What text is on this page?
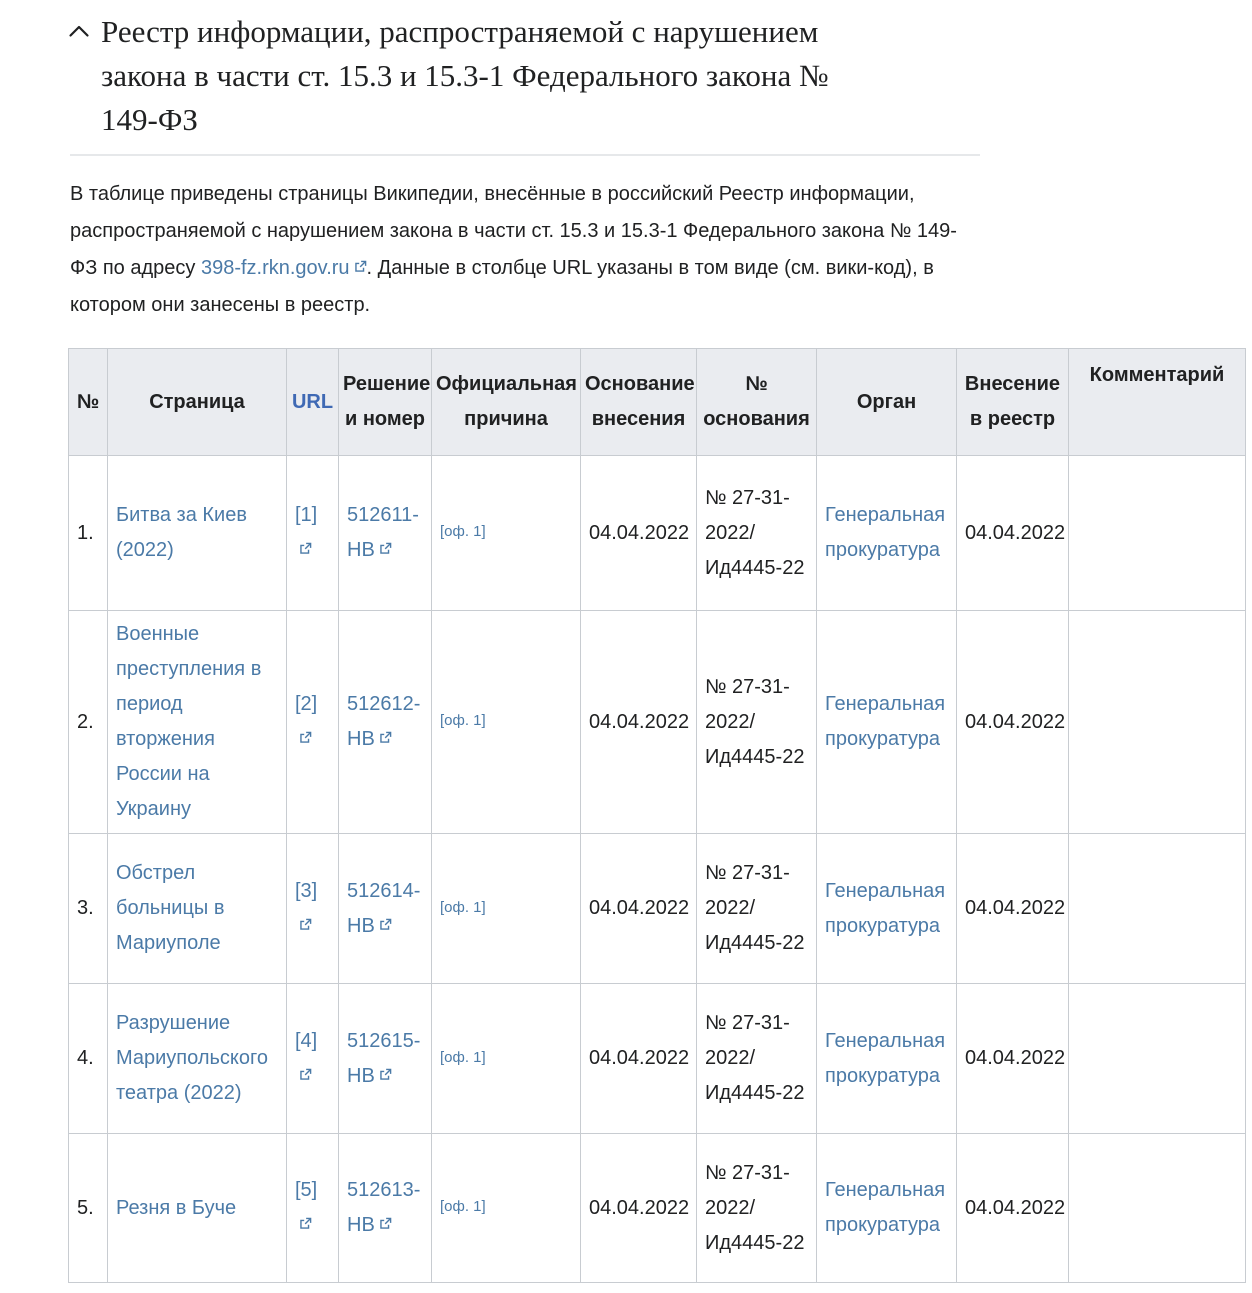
Реестр информации, распространяемой с нарушением закона в части ст. 15.3 и 15.3-1 Федерального закона № 149-ФЗ

В таблице приведены страницы Википедии, внесённые в российский Реестр информации, распространяемой с нарушением закона в части ст. 15.3 и 15.3-1 Федерального закона № 149-ФЗ по адресу 398-fz.rkn.gov.ru . Данные в столбце URL указаны в том виде (см. вики-код), в котором они занесены в реестр.

№	Страница	URL	Решение и номер	Официальная причина	Основание внесения	№ основания	Орган	Внесение в реестр	Комментарий
1.	Битва за Киев (2022)	[1]	512611-НВ	[оф. 1]	04.04.2022	№ 27-31-2022/​Ид4445-22	Генеральная прокуратура	04.04.2022	
2.	Военные преступления в период вторжения России на Украину	[2]	512612-НВ	[оф. 1]	04.04.2022	№ 27-31-2022/​Ид4445-22	Генеральная прокуратура	04.04.2022	
3.	Обстрел больницы в Мариуполе	[3]	512614-НВ	[оф. 1]	04.04.2022	№ 27-31-2022/​Ид4445-22	Генеральная прокуратура	04.04.2022	
4.	Разрушение Мариупольского театра (2022)	[4]	512615-НВ	[оф. 1]	04.04.2022	№ 27-31-2022/​Ид4445-22	Генеральная прокуратура	04.04.2022	
5.	Резня в Буче	[5]	512613-НВ	[оф. 1]	04.04.2022	№ 27-31-2022/​Ид4445-22	Генеральная прокуратура	04.04.2022	
